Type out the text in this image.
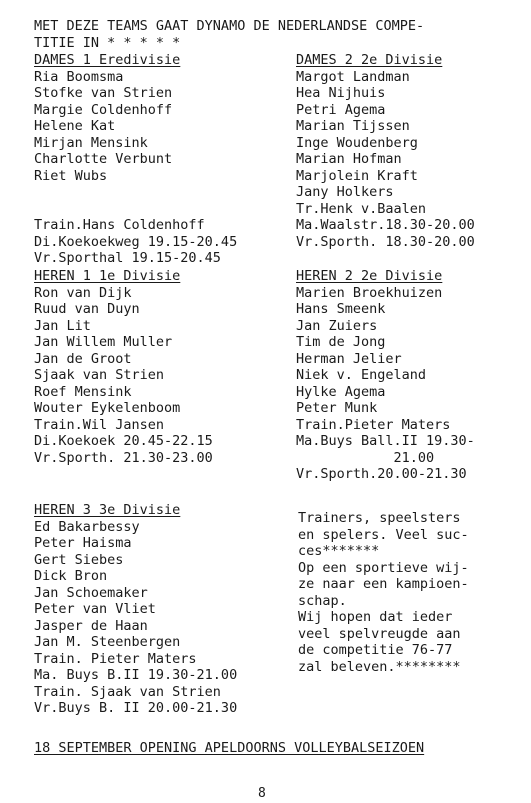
MET DEZE TEAMS GAAT DYNAMO DE NEDERLANDSE COMPE-
TITIE IN * * * * *
DAMES 1 Eredivisie
Ria Boomsma
Stofke van Strien
Margie Coldenhoff
Helene Kat
Mirjan Mensink
Charlotte Verbunt
Riet Wubs
Train.Hans Coldenhoff
Di.Koekoekweg 19.15-20.45
Vr.Sporthal 19.15-20.45
DAMES 2 2e Divisie
Margot Landman
Hea Nijhuis
Petri Agema
Marian Tijssen
Inge Woudenberg
Marian Hofman
Marjolein Kraft
Jany Holkers
Tr.Henk v.Baalen
Ma.Waalstr.18.30-20.00
Vr.Sporth. 18.30-20.00
HEREN 1 1e Divisie
Ron van Dijk
Ruud van Duyn
Jan Lit
Jan Willem Muller
Jan de Groot
Sjaak van Strien
Roef Mensink
Wouter Eykelenboom
Train.Wil Jansen
Di.Koekoek 20.45-22.15
Vr.Sporth. 21.30-23.00
HEREN 2 2e Divisie
Marien Broekhuizen
Hans Smeenk
Jan Zuiers
Tim de Jong
Herman Jelier
Niek v. Engeland
Hylke Agema
Peter Munk
Train.Pieter Maters
Ma.Buys Ball.II 19.30-
21.00
Vr.Sporth.20.00-21.30
HEREN 3 3e Divisie
Ed Bakarbessy
Peter Haisma
Gert Siebes
Dick Bron
Jan Schoemaker
Peter van Vliet
Jasper de Haan
Jan M. Steenbergen
Train. Pieter Maters
Ma. Buys B.II 19.30-21.00
Train. Sjaak van Strien
Vr.Buys B. II 20.00-21.30
Trainers, speelsters
en spelers. Veel suc-
ces*******
Op een sportieve wij-
ze naar een kampioen-
schap.
Wij hopen dat ieder
veel spelvreugde aan
de competitie 76-77
zal beleven.********
18 SEPTEMBER OPENING APELDOORNS VOLLEYBALSEIZOEN
8
